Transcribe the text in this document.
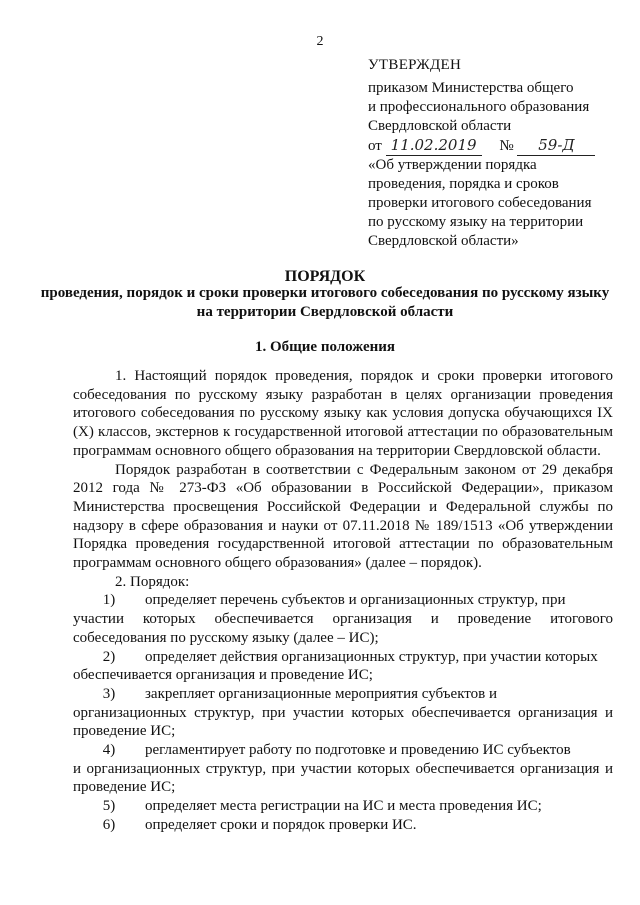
2
УТВЕРЖДЕН
приказом Министерства общего
и профессионального образования
Свердловской области
от 11.02.2019 № 59-Д
«Об утверждении порядка
проведения, порядка и сроков
проверки итогового собеседования
по русскому языку на территории
Свердловской области»
ПОРЯДОК
проведения, порядок и сроки проверки итогового собеседования по русскому языку на территории Свердловской области
1. Общие положения

1. Настоящий порядок проведения, порядок и сроки проверки итогового собеседования по русскому языку разработан в целях организации проведения итогового собеседования по русскому языку как условия допуска обучающихся IX (X) классов, экстернов к государственной итоговой аттестации по образовательным программам основного общего образования на территории Свердловской области.

Порядок разработан в соответствии с Федеральным законом от 29 декабря 2012 года № 273-ФЗ «Об образовании в Российской Федерации», приказом Министерства просвещения Российской Федерации и Федеральной службы по надзору в сфере образования и науки от 07.11.2018 № 189/1513 «Об утверждении Порядка проведения государственной итоговой аттестации по образовательным программам основного общего образования» (далее – порядок).

2. Порядок:

1)	определяет перечень субъектов и организационных структур, при

участии которых обеспечивается организация и проведение итогового собеседования по русскому языку (далее – ИС);

2)	определяет действия организационных структур, при участии которых

обеспечивается организация и проведение ИС;

3)	закрепляет организационные мероприятия субъектов и

организационных структур, при участии которых обеспечивается организация и проведение ИС;

4)	регламентирует работу по подготовке и проведению ИС субъектов

и организационных структур, при участии которых обеспечивается организация и проведение ИС;

5)	определяет места регистрации на ИС и места проведения ИС;
6)	определяет сроки и порядок проверки ИС.
